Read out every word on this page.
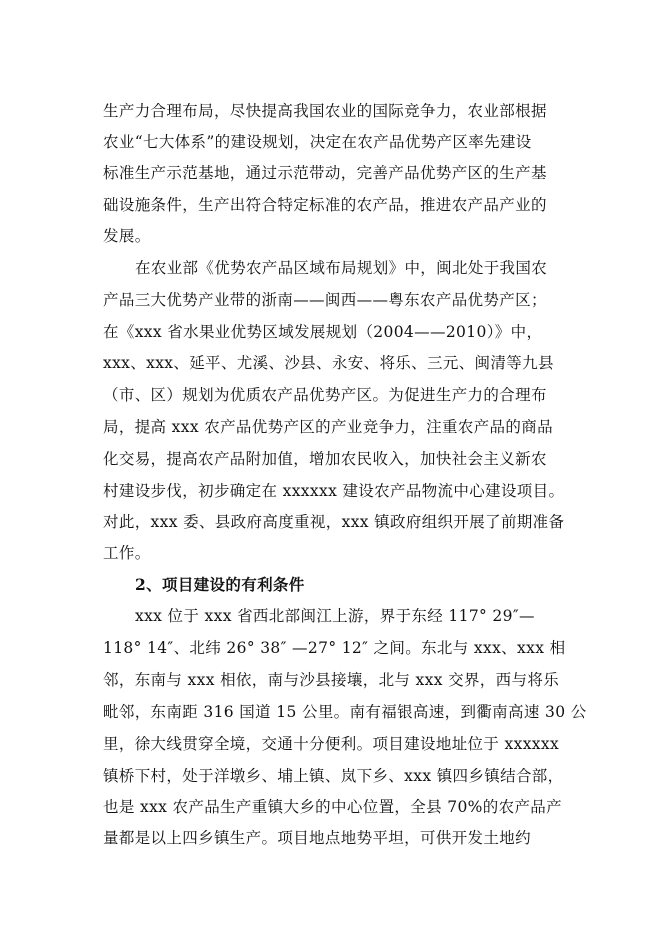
生产力合理布局，尽快提高我国农业的国际竞争力，农业部根据
农业“七大体系”的建设规划，决定在农产品优势产区率先建设
标准生产示范基地，通过示范带动，完善产品优势产区的生产基
础设施条件，生产出符合特定标准的农产品，推进农产品产业的
发展。
在农业部《优势农产品区域布局规划》中，闽北处于我国农
产品三大优势产业带的浙南——闽西——粤东农产品优势产区；
在《xxx 省水果业优势区域发展规划（2004——2010）》中，
xxx、xxx、延平、尤溪、沙县、永安、将乐、三元、闽清等九县
（市、区）规划为优质农产品优势产区。为促进生产力的合理布
局，提高 xxx 农产品优势产区的产业竞争力，注重农产品的商品
化交易，提高农产品附加值，增加农民收入，加快社会主义新农
村建设步伐，初步确定在 xxxxxx 建设农产品物流中心建设项目。
对此，xxx 委、县政府高度重视，xxx 镇政府组织开展了前期准备
工作。
2、项目建设的有利条件
xxx 位于 xxx 省西北部闽江上游，界于东经 117° 29″—
118° 14″、北纬 26° 38″ —27° 12″ 之间。东北与 xxx、xxx 相
邻，东南与 xxx 相依，南与沙县接壤，北与 xxx 交界，西与将乐
毗邻，东南距 316 国道 15 公里。南有福银高速，到衢南高速 30 公
里，徐大线贯穿全境，交通十分便利。项目建设地址位于 xxxxxx
镇桥下村，处于洋墩乡、埔上镇、岚下乡、xxx 镇四乡镇结合部，
也是 xxx 农产品生产重镇大乡的中心位置，全县 70%的农产品产
量都是以上四乡镇生产。项目地点地势平坦，可供开发土地约
